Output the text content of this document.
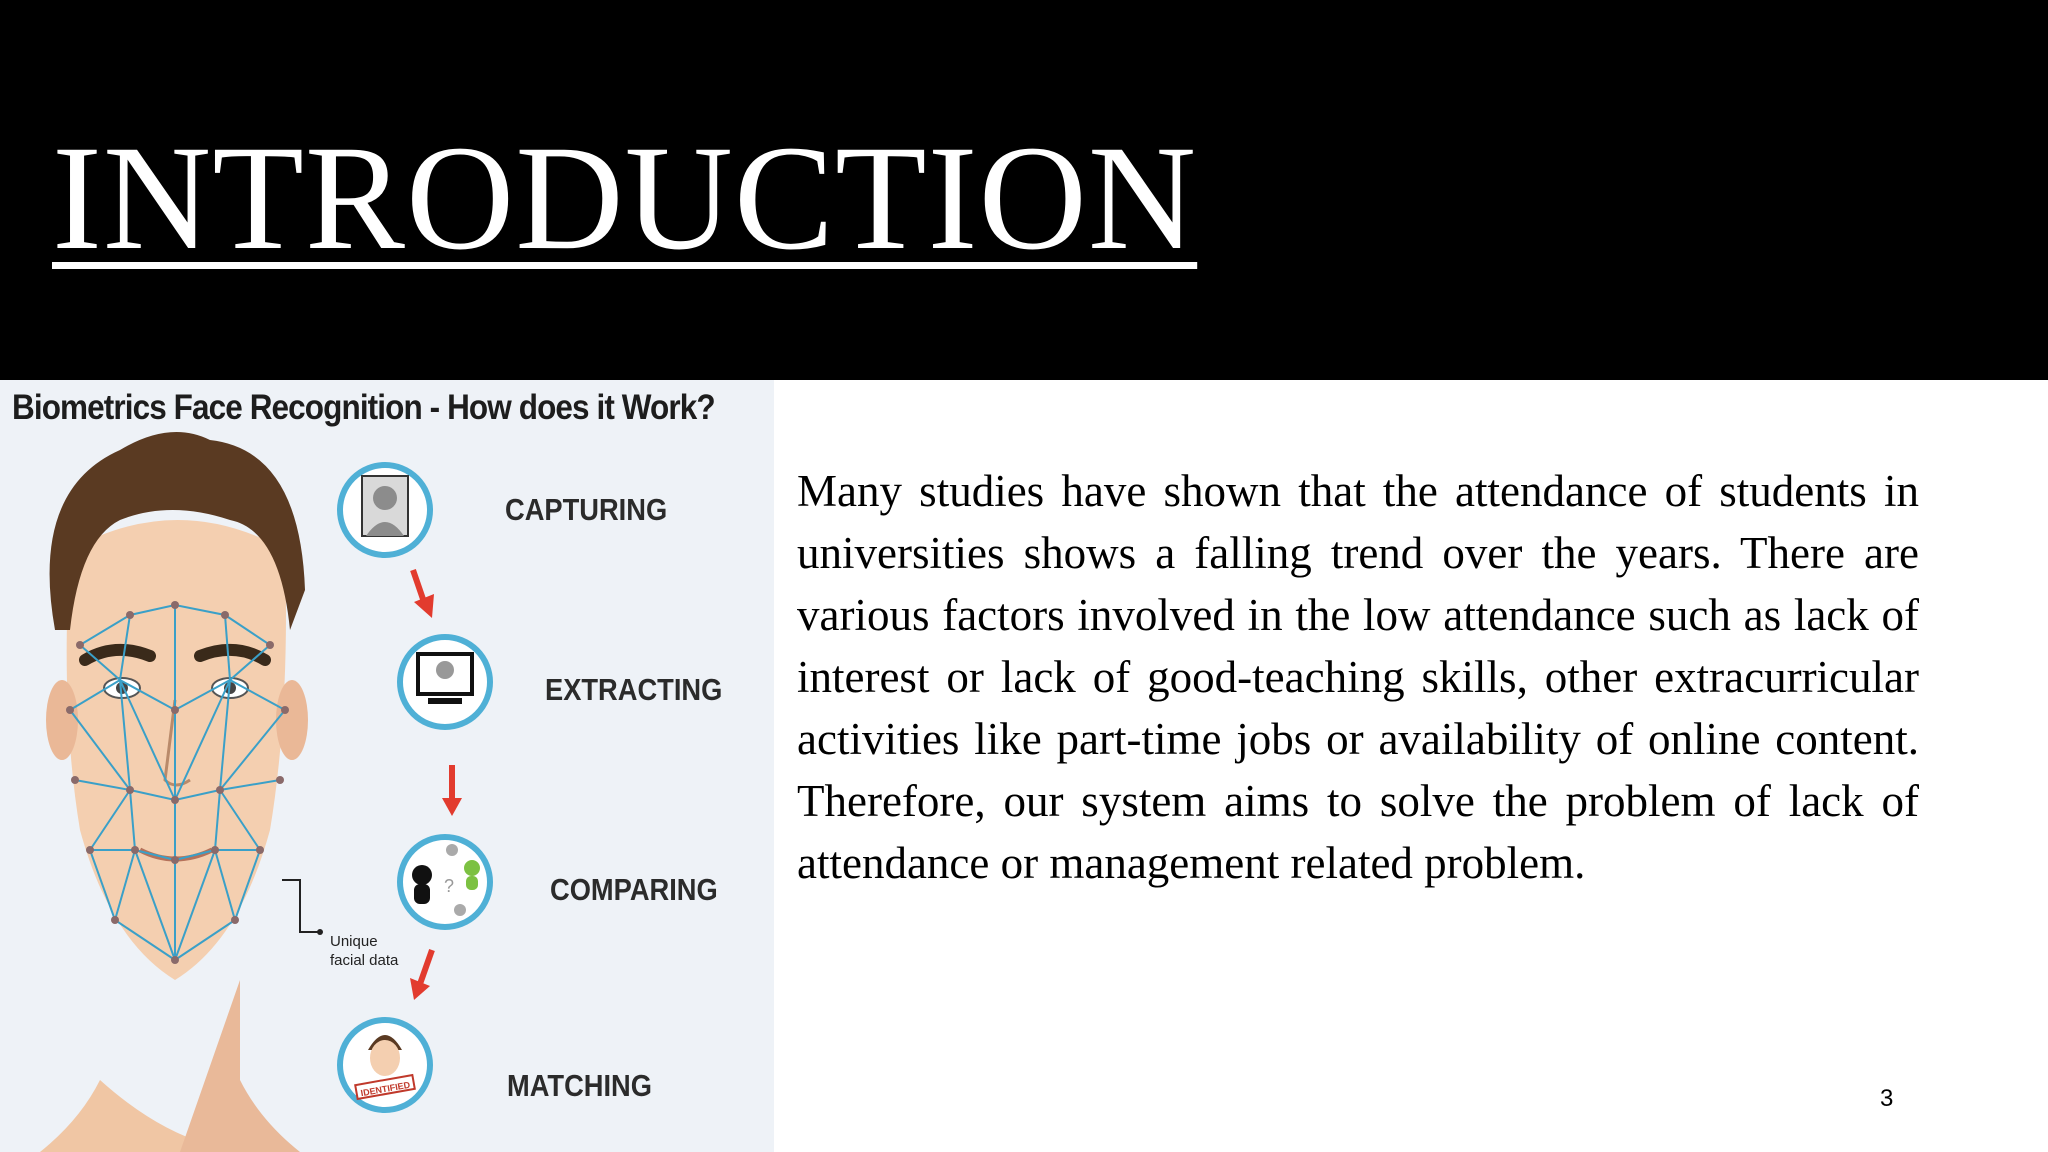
INTRODUCTION
?
IDENTIFIED
Biometrics Face Recognition - How does it Work?
CAPTURING
EXTRACTING
COMPARING
MATCHING
Unique facial data
Many studies have shown that the attendance of students in universities shows a falling trend over the years. There are various factors involved in the low attendance such as lack of interest or lack of good-teaching skills, other extracurricular activities like part-time jobs or availability of online content. Therefore, our system aims to solve the problem of lack of attendance or management related problem.
3
